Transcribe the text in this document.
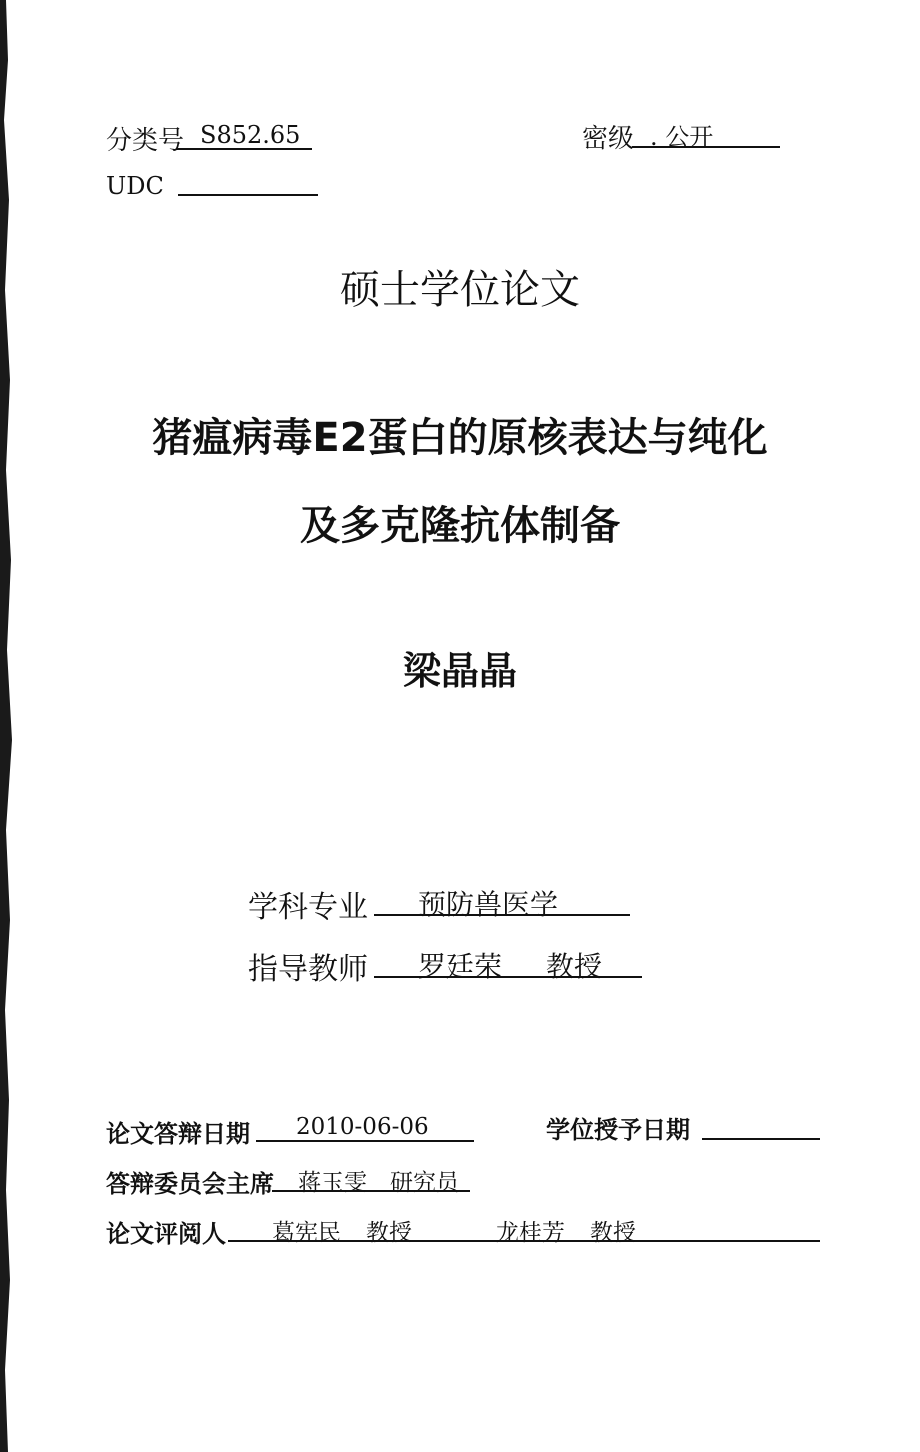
分类号 S852.65	密级 . 公开
UDC
硕士学位论文
猪瘟病毒E2蛋白的原核表达与纯化
及多克隆抗体制备
梁晶晶
学科专业 预防兽医学
指导教师 罗廷荣 教授
论文答辩日期 2010-06-06	学位授予日期
答辩委员会主席 蒋玉雯 研究员
论文评阅人 葛宪民 教授	龙桂芳 教授
